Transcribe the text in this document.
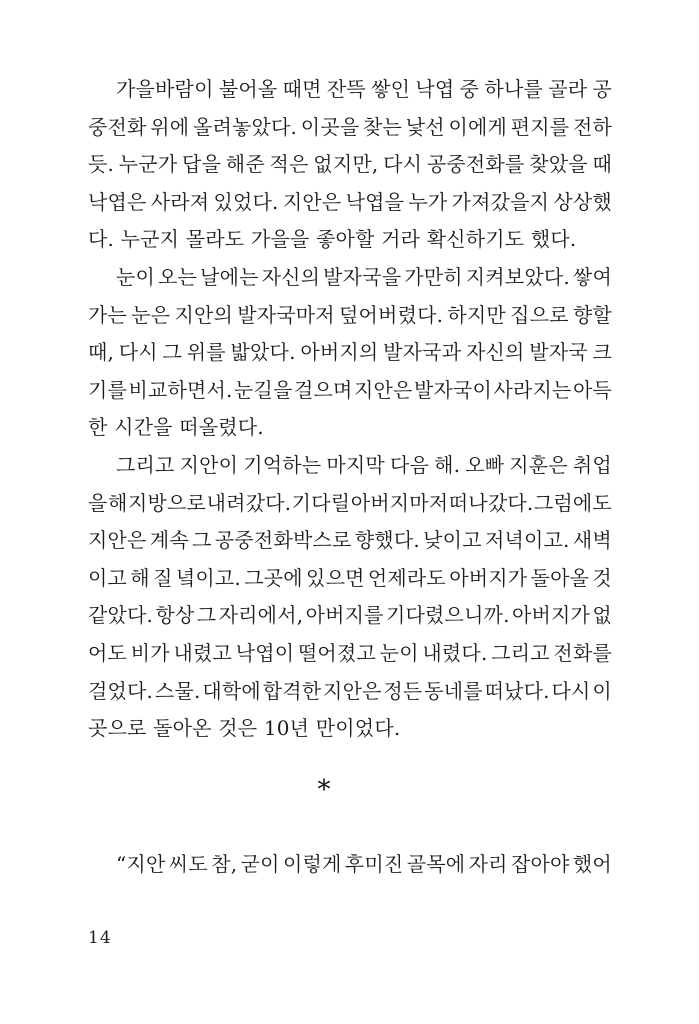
가을바람이 불어올 때면 잔뜩 쌓인 낙엽 중 하나를 골라 공
중전화 위에 올려놓았다. 이곳을 찾는 낯선 이에게 편지를 전하
듯. 누군가 답을 해준 적은 없지만, 다시 공중전화를 찾았을 때
낙엽은 사라져 있었다. 지안은 낙엽을 누가 가져갔을지 상상했
다. 누군지 몰라도 가을을 좋아할 거라 확신하기도 했다.
눈이 오는 날에는 자신의 발자국을 가만히 지켜보았다. 쌓여
가는 눈은 지안의 발자국마저 덮어버렸다. 하지만 집으로 향할
때, 다시 그 위를 밟았다. 아버지의 발자국과 자신의 발자국 크
기를 비교하면서. 눈길을 걸으며 지안은 발자국이 사라지는 아득
한 시간을 떠올렸다.
그리고 지안이 기억하는 마지막 다음 해. 오빠 지훈은 취업
을 해 지방으로 내려갔다. 기다릴 아버지마저 떠나갔다. 그럼에도
지안은 계속 그 공중전화박스로 향했다. 낮이고 저녁이고. 새벽
이고 해 질 녘이고. 그곳에 있으면 언제라도 아버지가 돌아올 것
같았다. 항상 그 자리에서, 아버지를 기다렸으니까. 아버지가 없
어도 비가 내렸고 낙엽이 떨어졌고 눈이 내렸다. 그리고 전화를
걸었다. 스물. 대학에 합격한 지안은 정든 동네를 떠났다. 다시 이
곳으로 돌아온 것은 10년 만이었다.
*
“지안 씨도 참, 굳이 이렇게 후미진 골목에 자리 잡아야 했어
14
